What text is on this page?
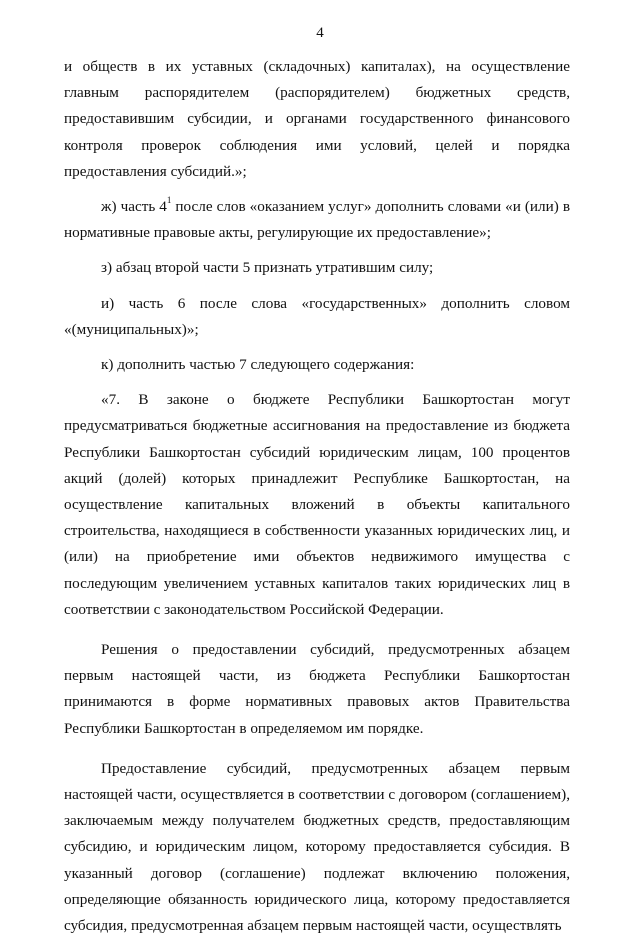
4

и обществ в их уставных (складочных) капиталах), на осуществление главным распорядителем (распорядителем) бюджетных средств, предоставившим субсидии, и органами государственного финансового контроля проверок соблюдения ими условий, целей и порядка предоставления субсидий.»;

ж) часть $4^1$ после слов «оказанием услуг» дополнить словами «и (или) в нормативные правовые акты, регулирующие их предоставление»;

з) абзац второй части 5 признать утратившим силу;

и) часть 6 после слова «государственных» дополнить словом «(муниципальных)»;

к) дополнить частью 7 следующего содержания:

«7. В законе о бюджете Республики Башкортостан могут предусматриваться бюджетные ассигнования на предоставление из бюджета Республики Башкортостан субсидий юридическим лицам, 100 процентов акций (долей) которых принадлежит Республике Башкортостан, на осуществление капитальных вложений в объекты капитального строительства, находящиеся в собственности указанных юридических лиц, и (или) на приобретение ими объектов недвижимого имущества с последующим увеличением уставных капиталов таких юридических лиц в соответствии с законодательством Российской Федерации.

Решения о предоставлении субсидий, предусмотренных абзацем первым настоящей части, из бюджета Республики Башкортостан принимаются в форме нормативных правовых актов Правительства Республики Башкортостан в определяемом им порядке.

Предоставление субсидий, предусмотренных абзацем первым настоящей части, осуществляется в соответствии с договором (соглашением), заключаемым между получателем бюджетных средств, предоставляющим субсидию, и юридическим лицом, которому предоставляется субсидия. В указанный договор (соглашение) подлежат включению положения, определяющие обязанность юридического лица, которому предоставляется субсидия, предусмотренная абзацем первым настоящей части, осуществлять
